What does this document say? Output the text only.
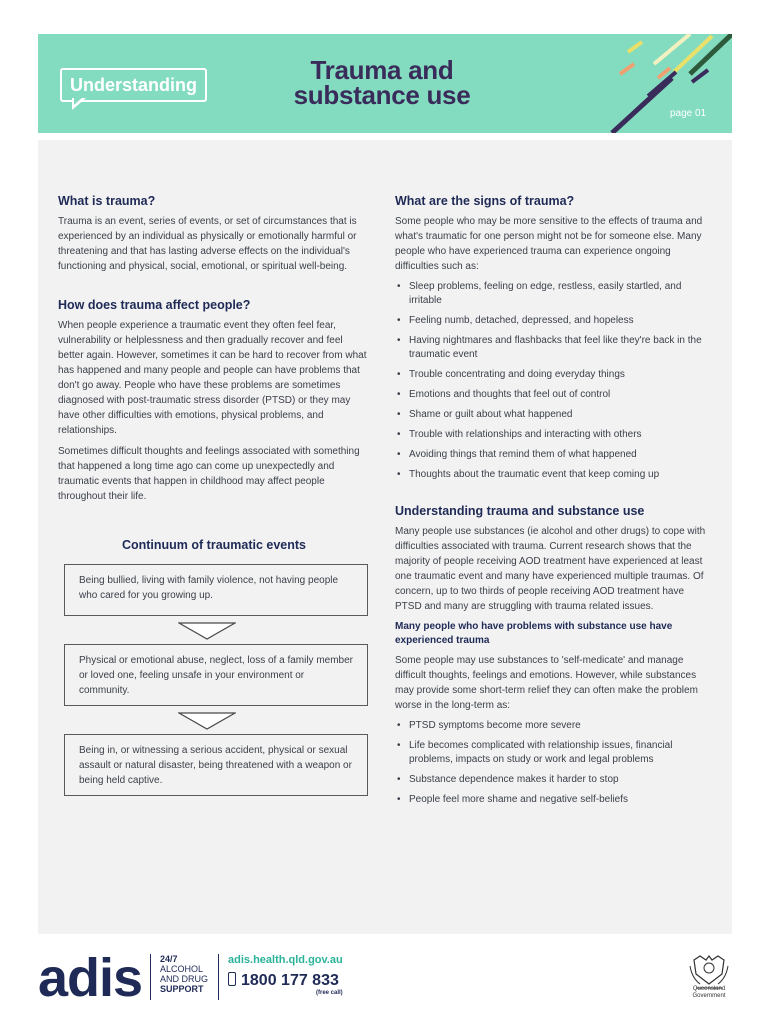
Understanding	Trauma and
substance use
page 01
What is trauma?

Trauma is an event, series of events, or set of circumstances that is experienced by an individual as physically or emotionally harmful or threatening and that has lasting adverse effects on the individual's functioning and physical, social, emotional, or spiritual well-being.

How does trauma affect people?

When people experience a traumatic event they often feel fear, vulnerability or helplessness and then gradually recover and feel better again. However, sometimes it can be hard to recover from what has happened and many people and people can have problems that don't go away. People who have these problems are sometimes diagnosed with post-traumatic stress disorder (PTSD) or they may have other difficulties with emotions, physical problems, and relationships.

Sometimes difficult thoughts and feelings associated with something that happened a long time ago can come up unexpectedly and traumatic events that happen in childhood may affect people throughout their life.

Continuum of traumatic events
Being bullied, living with family violence, not having people who cared for you growing up.
Physical or emotional abuse, neglect, loss of a family member or loved one, feeling unsafe in your environment or community.
Being in, or witnessing a serious accident, physical or sexual assault or natural disaster, being threatened with a weapon or being held captive.
What are the signs of trauma?

Some people who may be more sensitive to the effects of trauma and what's traumatic for one person might not be for someone else. Many people who have experienced trauma can experience ongoing difficulties such as:

• Sleep problems, feeling on edge, restless, easily startled, and irritable
• Feeling numb, detached, depressed, and hopeless
• Having nightmares and flashbacks that feel like they're back in the traumatic event
• Trouble concentrating and doing everyday things
• Emotions and thoughts that feel out of control
• Shame or guilt about what happened
• Trouble with relationships and interacting with others
• Avoiding things that remind them of what happened
• Thoughts about the traumatic event that keep coming up
Understanding trauma and substance use

Many people use substances (ie alcohol and other drugs) to cope with difficulties associated with trauma. Current research shows that the majority of people receiving AOD treatment have experienced at least one traumatic event and many have experienced multiple traumas. Of concern, up to two thirds of people receiving AOD treatment have PTSD and many are struggling with trauma related issues.

Many people who have problems with substance use have experienced trauma

Some people may use substances to 'self-medicate' and manage difficult thoughts, feelings and emotions. However, while substances may provide some short-term relief they can often make the problem worse in the long-term as:

• PTSD symptoms become more severe
• Life becomes complicated with relationship issues, financial problems, impacts on study or work and legal problems
• Substance dependence makes it harder to stop
• People feel more shame and negative self-beliefs
adis 24/7
ALCOHOL
AND DRUG
SUPPORT
adis.health.qld.gov.au
1800 177 833
(free call)
Queensland
Government
